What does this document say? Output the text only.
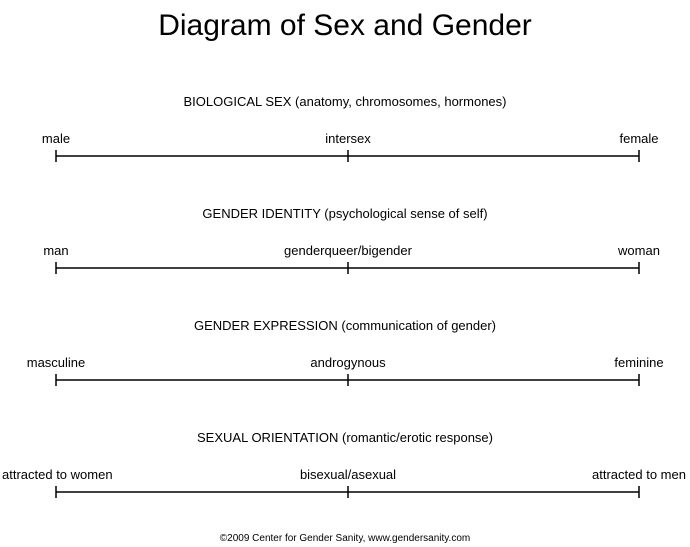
Diagram of Sex and Gender
BIOLOGICAL SEX (anatomy, chromosomes, hormones)
male	intersex	female
GENDER IDENTITY (psychological sense of self)
man	genderqueer/bigender	woman
GENDER EXPRESSION (communication of gender)
masculine	androgynous	feminine
SEXUAL ORIENTATION (romantic/erotic response)
attracted to women	bisexual/asexual	attracted to men
©2009 Center for Gender Sanity, www.gendersanity.com
